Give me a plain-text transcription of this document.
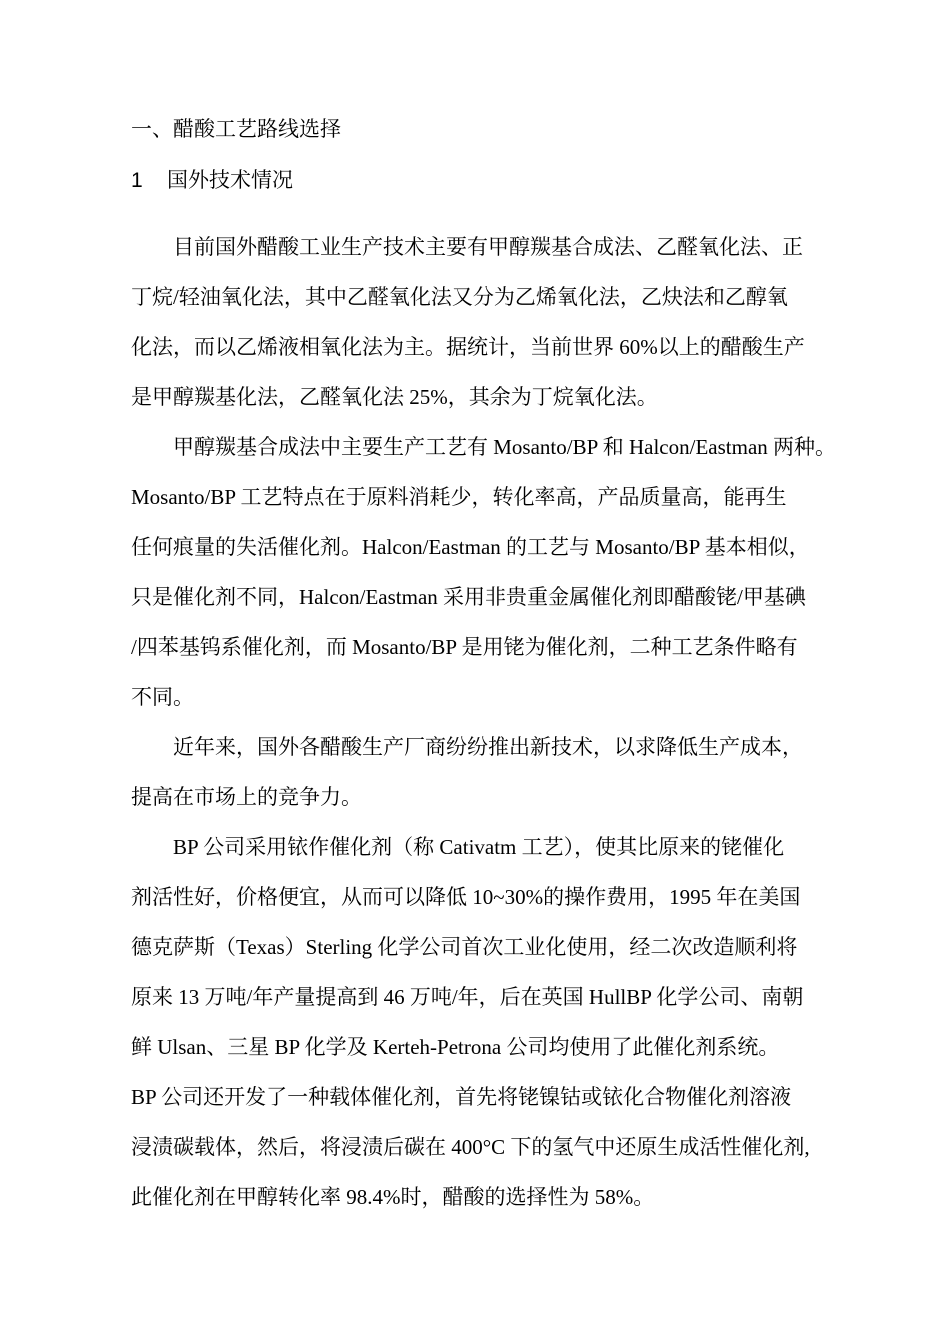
一、醋酸工艺路线选择
1 国外技术情况
目前国外醋酸工业生产技术主要有甲醇羰基合成法、乙醛氧化法、正
丁烷/轻油氧化法，其中乙醛氧化法又分为乙烯氧化法，乙炔法和乙醇氧
化法，而以乙烯液相氧化法为主。据统计，当前世界 60%以上的醋酸生产
是甲醇羰基化法，乙醛氧化法 25%，其余为丁烷氧化法。
甲醇羰基合成法中主要生产工艺有 Mosanto/BP 和 Halcon/Eastman 两种。
Mosanto/BP 工艺特点在于原料消耗少，转化率高，产品质量高，能再生
任何痕量的失活催化剂。Halcon/Eastman 的工艺与 Mosanto/BP 基本相似，
只是催化剂不同，Halcon/Eastman 采用非贵重金属催化剂即醋酸铑/甲基碘
/四苯基钨系催化剂，而 Mosanto/BP 是用铑为催化剂，二种工艺条件略有
不同。
近年来，国外各醋酸生产厂商纷纷推出新技术，以求降低生产成本，
提高在市场上的竞争力。
BP 公司采用铱作催化剂（称 Cativatm 工艺），使其比原来的铑催化
剂活性好，价格便宜，从而可以降低 10~30%的操作费用，1995 年在美国
德克萨斯（Texas）Sterling 化学公司首次工业化使用，经二次改造顺利将
原来 13 万吨/年产量提高到 46 万吨/年，后在英国 HullBP 化学公司、南朝
鲜 Ulsan、三星 BP 化学及 Kerteh-Petrona 公司均使用了此催化剂系统。
BP 公司还开发了一种载体催化剂，首先将铑镍钴或铱化合物催化剂溶液
浸渍碳载体，然后，将浸渍后碳在 400°C 下的氢气中还原生成活性催化剂,
此催化剂在甲醇转化率 98.4%时，醋酸的选择性为 58%。
